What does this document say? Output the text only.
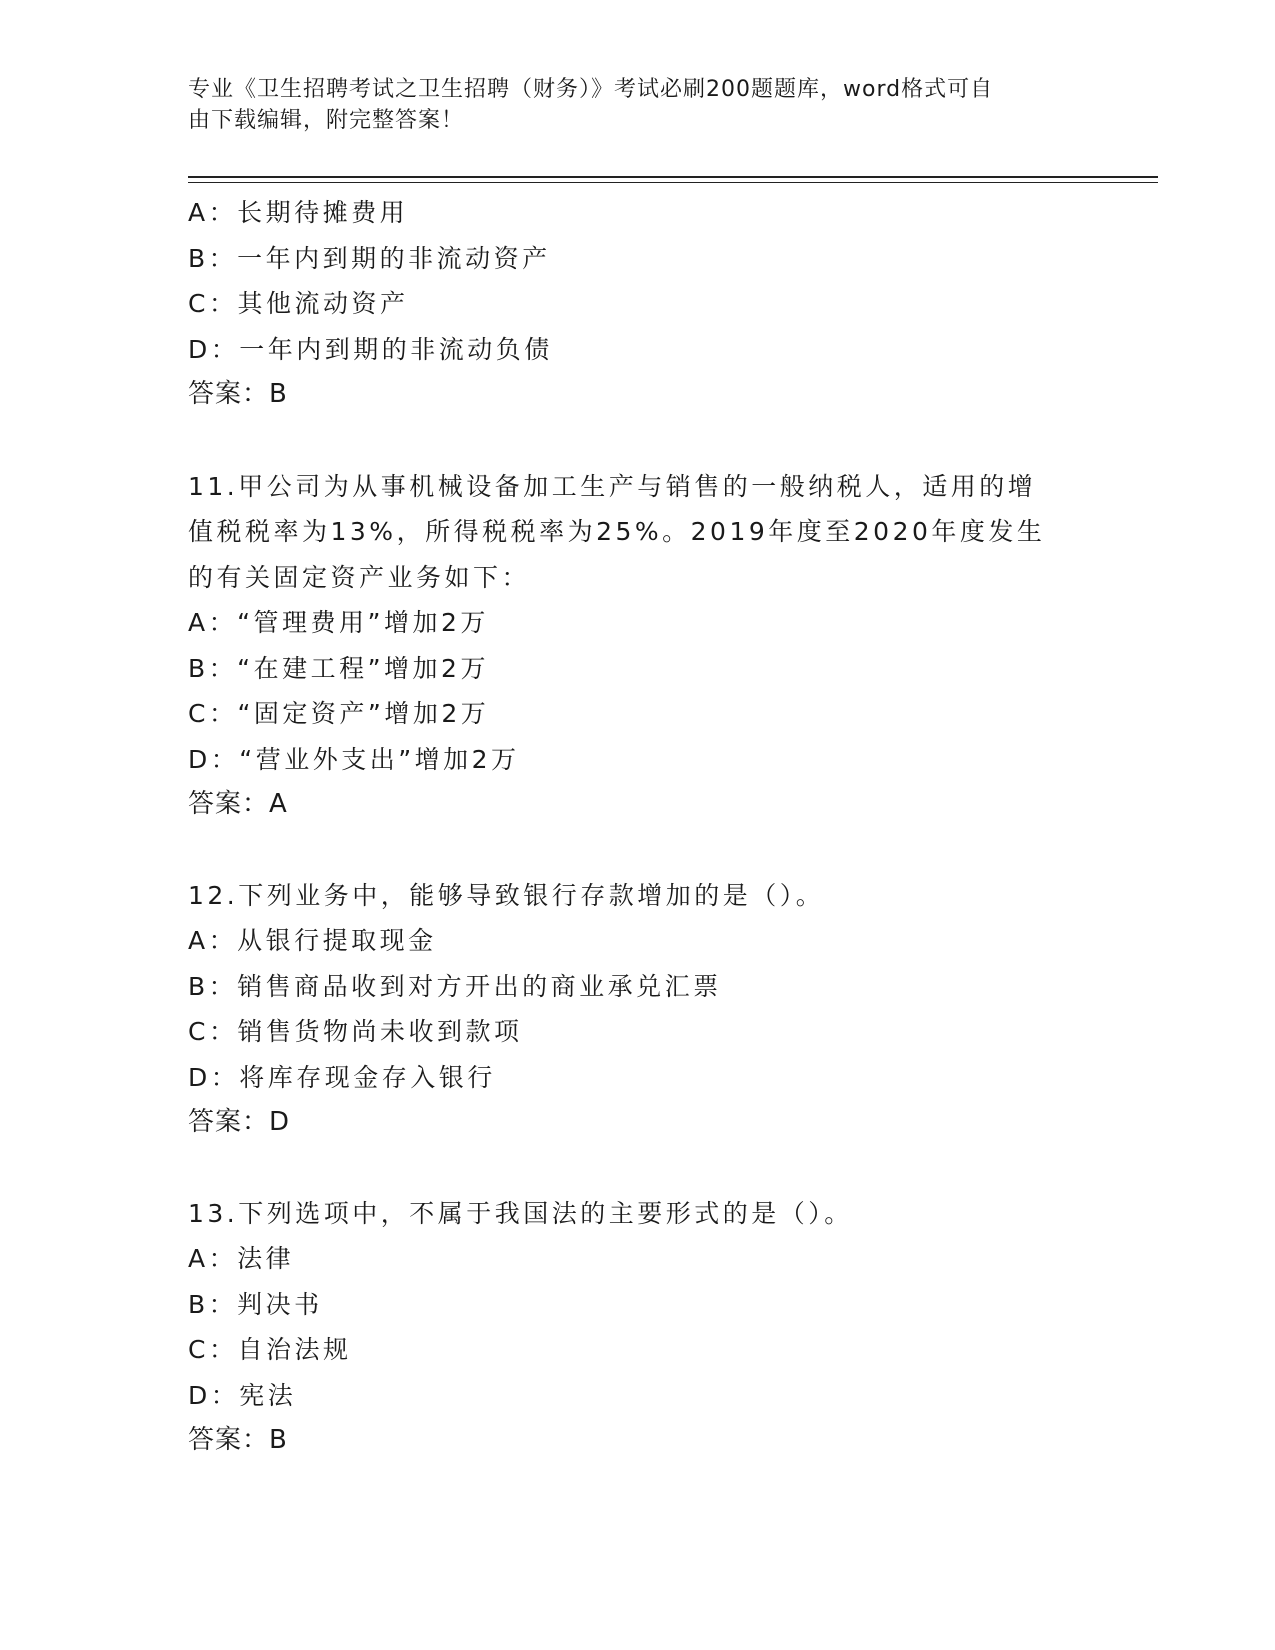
专业《卫生招聘考试之卫生招聘（财务）》考试必刷200题题库，word格式可自
由下载编辑，附完整答案！
A：长期待摊费用
B：一年内到期的非流动资产
C：其他流动资产
D：一年内到期的非流动负债
答案：B
11.甲公司为从事机械设备加工生产与销售的一般纳税人，适用的增值税税率为13%，所得税税率为25%。2019年度至2020年度发生的有关固定资产业务如下：
A：“管理费用”增加2万
B：“在建工程”增加2万
C：“固定资产”增加2万
D：“营业外支出”增加2万
答案：A
12.下列业务中，能够导致银行存款增加的是（）。
A：从银行提取现金
B：销售商品收到对方开出的商业承兑汇票
C：销售货物尚未收到款项
D：将库存现金存入银行
答案：D
13.下列选项中，不属于我国法的主要形式的是（）。
A：法律
B：判决书
C：自治法规
D：宪法
答案：B
